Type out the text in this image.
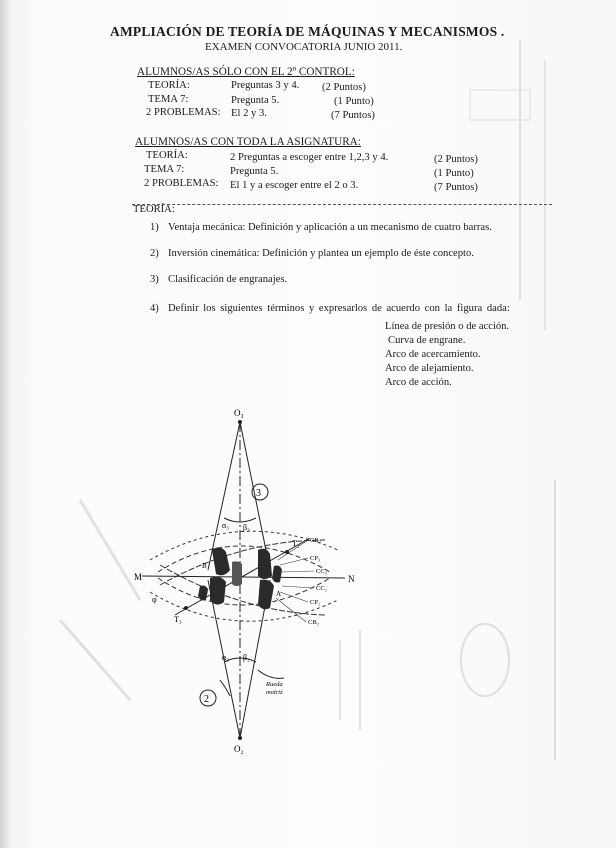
AMPLIACIÓN DE TEORÍA DE MÁQUINAS Y MECANISMOS .
EXAMEN CONVOCATORIA JUNIO 2011.
ALUMNOS/AS SÓLO CON EL 2º CONTROL:
TEORÍA:	Preguntas 3 y 4. (2 Puntos)
TEMA 7:	Pregunta 5.	(1 Punto)
2 PROBLEMAS: El 2 y 3.	(7 Puntos)
ALUMNOS/AS CON TODA LA ASIGNATURA:
TEORÍA:	2 Preguntas a escoger entre 1,2,3 y 4.	(2 Puntos)
TEMA 7:	Pregunta 5.	(1 Punto)
2 PROBLEMAS: El 1 y a escoger entre el 2 o 3.	(7 Puntos)
TEORÍA:
1) Ventaja mecánica: Definición y aplicación a un mecanismo de cuatro barras.
2) Inversión cinemática: Definición y plantea un ejemplo de éste concepto.
3) Clasificación de engranajes.
4) Definir los siguientes términos y expresarlos de acuerdo con la figura dada:
Línea de presión o de acción.
Curva de engrane.
Arco de acercamiento.
Arco de alejamiento.
Arco de acción.
O₃
O₂
3
2
α₃ β₃
α₂ β₂
M	N
T₂
T₃
φ
B
A
CB₃
CP₃
CC₃
CC₂
CP₂
CB₂
Rueda
motriz
